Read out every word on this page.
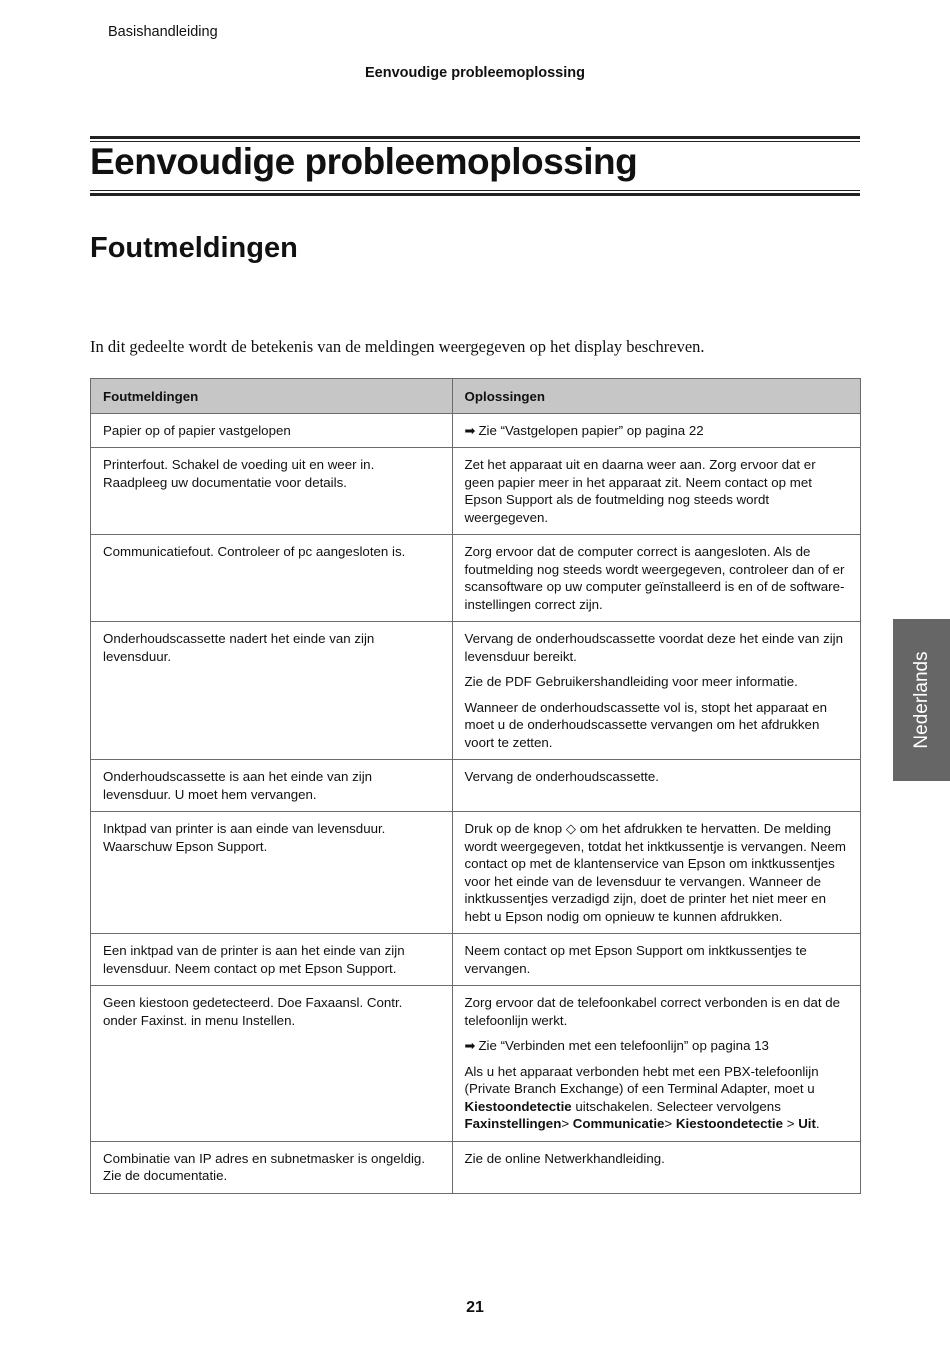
Basishandleiding
Eenvoudige probleemoplossing
Eenvoudige probleemoplossing
Foutmeldingen
In dit gedeelte wordt de betekenis van de meldingen weergegeven op het display beschreven.
Foutmeldingen	Oplossingen
Papier op of papier vastgelopen	➡ Zie “Vastgelopen papier” op pagina 22
Printerfout. Schakel de voeding uit en weer in. Raadpleeg uw documentatie voor details.	Zet het apparaat uit en daarna weer aan. Zorg ervoor dat er geen papier meer in het apparaat zit. Neem contact op met Epson Support als de foutmelding nog steeds wordt weergegeven.
Communicatiefout. Controleer of pc aangesloten is.	Zorg ervoor dat de computer correct is aangesloten. Als de foutmelding nog steeds wordt weergegeven, controleer dan of er scansoftware op uw computer geïnstalleerd is en of de software-instellingen correct zijn.
Onderhoudscassette nadert het einde van zijn levensduur.	Vervang de onderhoudscassette voordat deze het einde van zijn levensduur bereikt.

Zie de PDF Gebruikershandleiding voor meer informatie.

Wanneer de onderhoudscassette vol is, stopt het apparaat en moet u de onderhoudscassette vervangen om het afdrukken voort te zetten.

Onderhoudscassette is aan het einde van zijn levensduur. U moet hem vervangen.	Vervang de onderhoudscassette.
Inktpad van printer is aan einde van levensduur. Waarschuw Epson Support.	Druk op de knop ◇ om het afdrukken te hervatten. De melding wordt weergegeven, totdat het inktkussentje is vervangen. Neem contact op met de klantenservice van Epson om inktkussentjes voor het einde van de levensduur te vervangen. Wanneer de inktkussentjes verzadigd zijn, doet de printer het niet meer en hebt u Epson nodig om opnieuw te kunnen afdrukken.
Een inktpad van de printer is aan het einde van zijn levensduur. Neem contact op met Epson Support.	Neem contact op met Epson Support om inktkussentjes te vervangen.
Geen kiestoon gedetecteerd. Doe Faxaansl. Contr. onder Faxinst. in menu Instellen.	Zorg ervoor dat de telefoonkabel correct verbonden is en dat de telefoonlijn werkt.

➡ Zie “Verbinden met een telefoonlijn” op pagina 13

Als u het apparaat verbonden hebt met een PBX-telefoonlijn (Private Branch Exchange) of een Terminal Adapter, moet u Kiestoondetectie uitschakelen. Selecteer vervolgens Faxinstellingen> Communicatie> Kiestoondetectie > Uit.

Combinatie van IP adres en subnetmasker is ongeldig. Zie de documentatie.	Zie de online Netwerkhandleiding.
Nederlands
21
